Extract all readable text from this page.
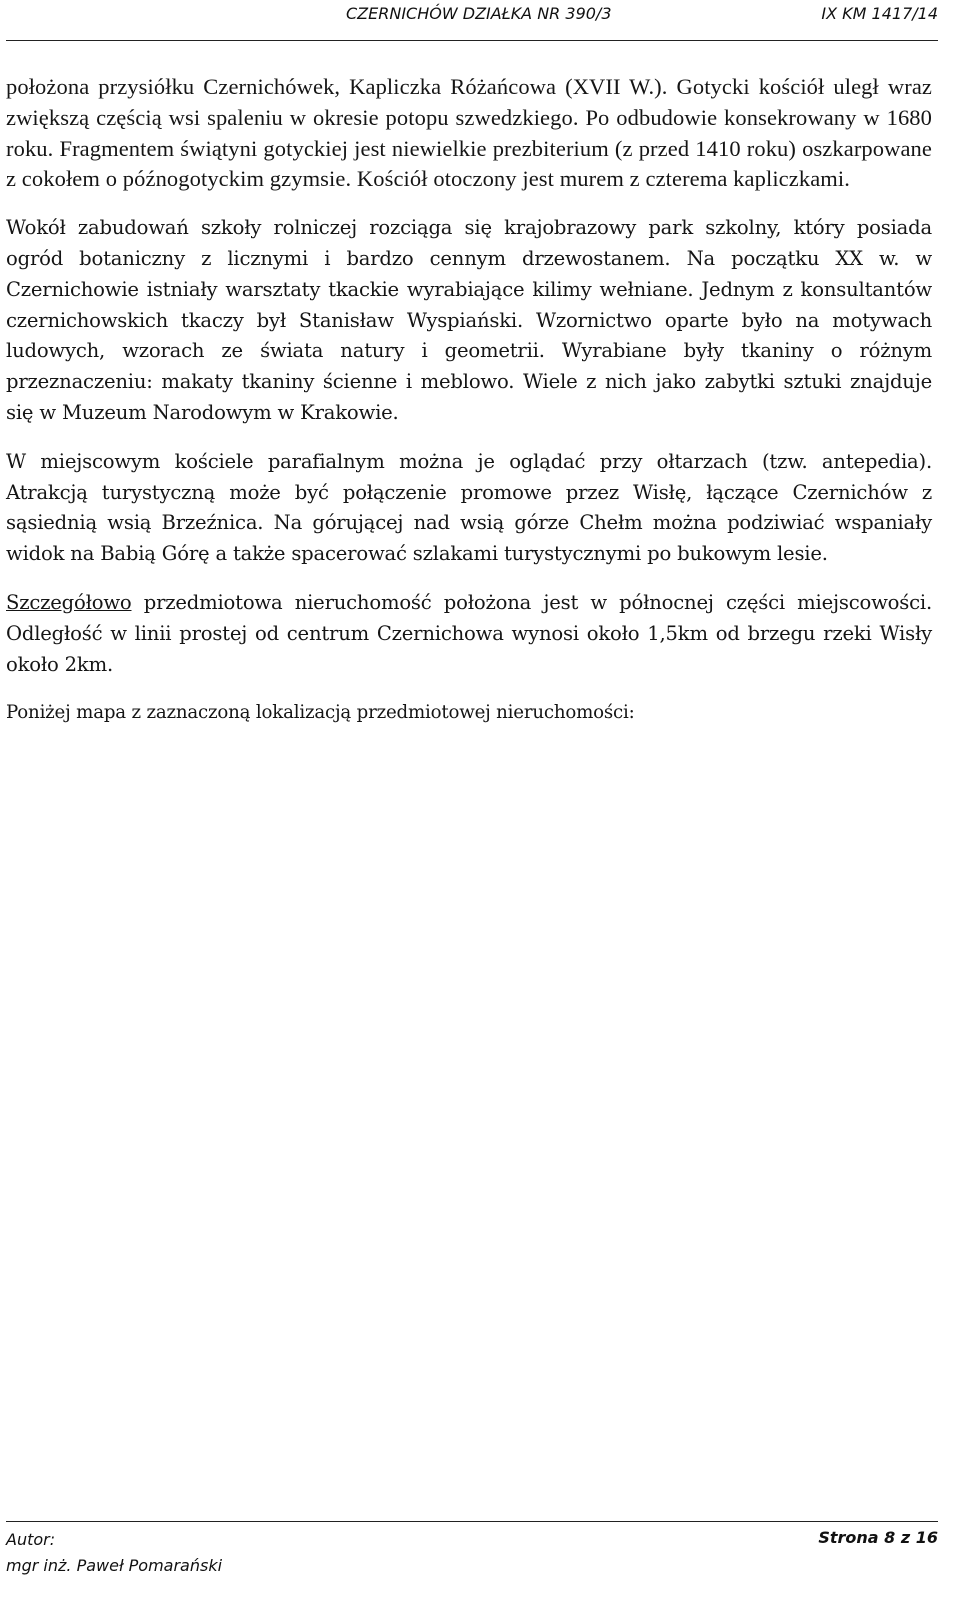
CZERNICHÓW DZIAŁKA NR 390/3	IX KM 1417/14

położona przysiółku Czernichówek, Kapliczka Różańcowa (XVII W.). Gotycki kościół uległ wraz zwiększą częścią wsi spaleniu w okresie potopu szwedzkiego. Po odbudowie konsekrowany w 1680 roku. Fragmentem świątyni gotyckiej jest niewielkie prezbiterium (z przed 1410 roku) oszkarpowane z cokołem o późnogotyckim gzymsie. Kościół otoczony jest murem z czterema kapliczkami.

Wokół zabudowań szkoły rolniczej rozciąga się krajobrazowy park szkolny, który posiada ogród botaniczny z licznymi i bardzo cennym drzewostanem. Na początku XX w. w Czernichowie istniały warsztaty tkackie wyrabiające kilimy wełniane. Jednym z konsultantów czernichowskich tkaczy był Stanisław Wyspiański. Wzornictwo oparte było na motywach ludowych, wzorach ze świata natury i geometrii. Wyrabiane były tkaniny o różnym przeznaczeniu: makaty tkaniny ścienne i meblowo. Wiele z nich jako zabytki sztuki znajduje się w Muzeum Narodowym w Krakowie.

W miejscowym kościele parafialnym można je oglądać przy ołtarzach (tzw. antepedia). Atrakcją turystyczną może być połączenie promowe przez Wisłę, łączące Czernichów z sąsiednią wsią Brzeźnica. Na górującej nad wsią górze Chełm można podziwiać wspaniały widok na Babią Górę a także spacerować szlakami turystycznymi po bukowym lesie.

Szczegółowo przedmiotowa nieruchomość położona jest w północnej części miejscowości. Odległość w linii prostej od centrum Czernichowa wynosi około 1,5km od brzegu rzeki Wisły około 2km.

Poniżej mapa z zaznaczoną lokalizacją przedmiotowej nieruchomości:

Autor:
mgr inż. Paweł Pomarański
Strona 8 z 16
